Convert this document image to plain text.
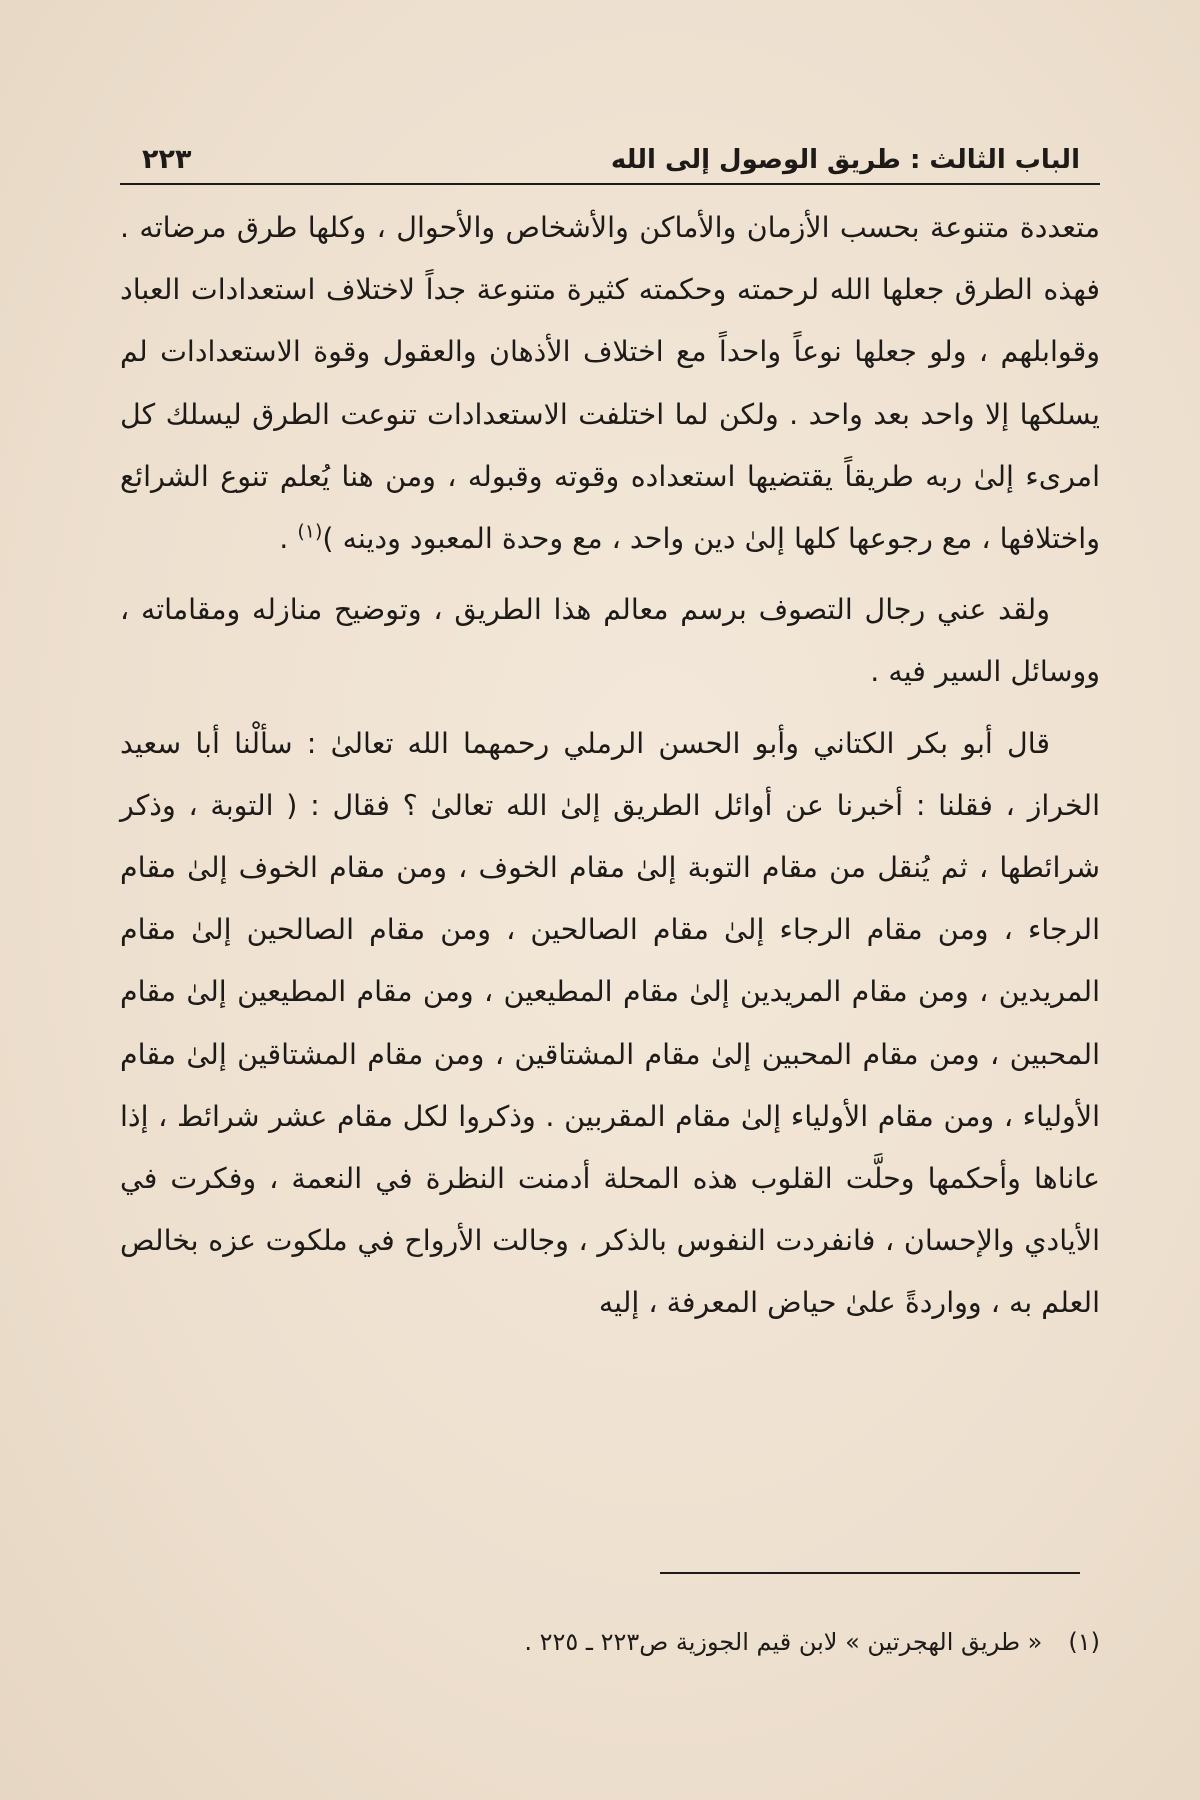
الباب الثالث : طريق الوصول إلى الله
٢٢٣

متعددة متنوعة بحسب الأزمان والأماكن والأشخاص والأحوال ، وكلها طرق مرضاته . فهذه الطرق جعلها الله لرحمته وحكمته كثيرة متنوعة جداً لاختلاف استعدادات العباد وقوابلهم ، ولو جعلها نوعاً واحداً مع اختلاف الأذهان والعقول وقوة الاستعدادات لم يسلكها إلا واحد بعد واحد . ولكن لما اختلفت الاستعدادات تنوعت الطرق ليسلك كل امرىء إلىٰ ربه طريقاً يقتضيها استعداده وقوته وقبوله ، ومن هنا يُعلم تنوع الشرائع واختلافها ، مع رجوعها كلها إلىٰ دين واحد ، مع وحدة المعبود ودينه )$^{(١)}$ .

ولقد عني رجال التصوف برسم معالم هذا الطريق ، وتوضيح منازله ومقاماته ، ووسائل السير فيه .

قال أبو بكر الكتاني وأبو الحسن الرملي رحمهما الله تعالىٰ : سألْنا أبا سعيد الخراز ، فقلنا : أخبرنا عن أوائل الطريق إلىٰ الله تعالىٰ ؟ فقال : ( التوبة ، وذكر شرائطها ، ثم يُنقل من مقام التوبة إلىٰ مقام الخوف ، ومن مقام الخوف إلىٰ مقام الرجاء ، ومن مقام الرجاء إلىٰ مقام الصالحين ، ومن مقام الصالحين إلىٰ مقام المريدين ، ومن مقام المريدين إلىٰ مقام المطيعين ، ومن مقام المطيعين إلىٰ مقام المحبين ، ومن مقام المحبين إلىٰ مقام المشتاقين ، ومن مقام المشتاقين إلىٰ مقام الأولياء ، ومن مقام الأولياء إلىٰ مقام المقربين . وذكروا لكل مقام عشر شرائط ، إذا عاناها وأحكمها وحلَّت القلوب هذه المحلة أدمنت النظرة في النعمة ، وفكرت في الأيادي والإحسان ، فانفردت النفوس بالذكر ، وجالت الأرواح في ملكوت عزه بخالص العلم به ، وواردةً علىٰ حياض المعرفة ، إليه

(١)« طريق الهجرتين » لابن قيم الجوزية ص٢٢٣ ـ ٢٢٥ .
